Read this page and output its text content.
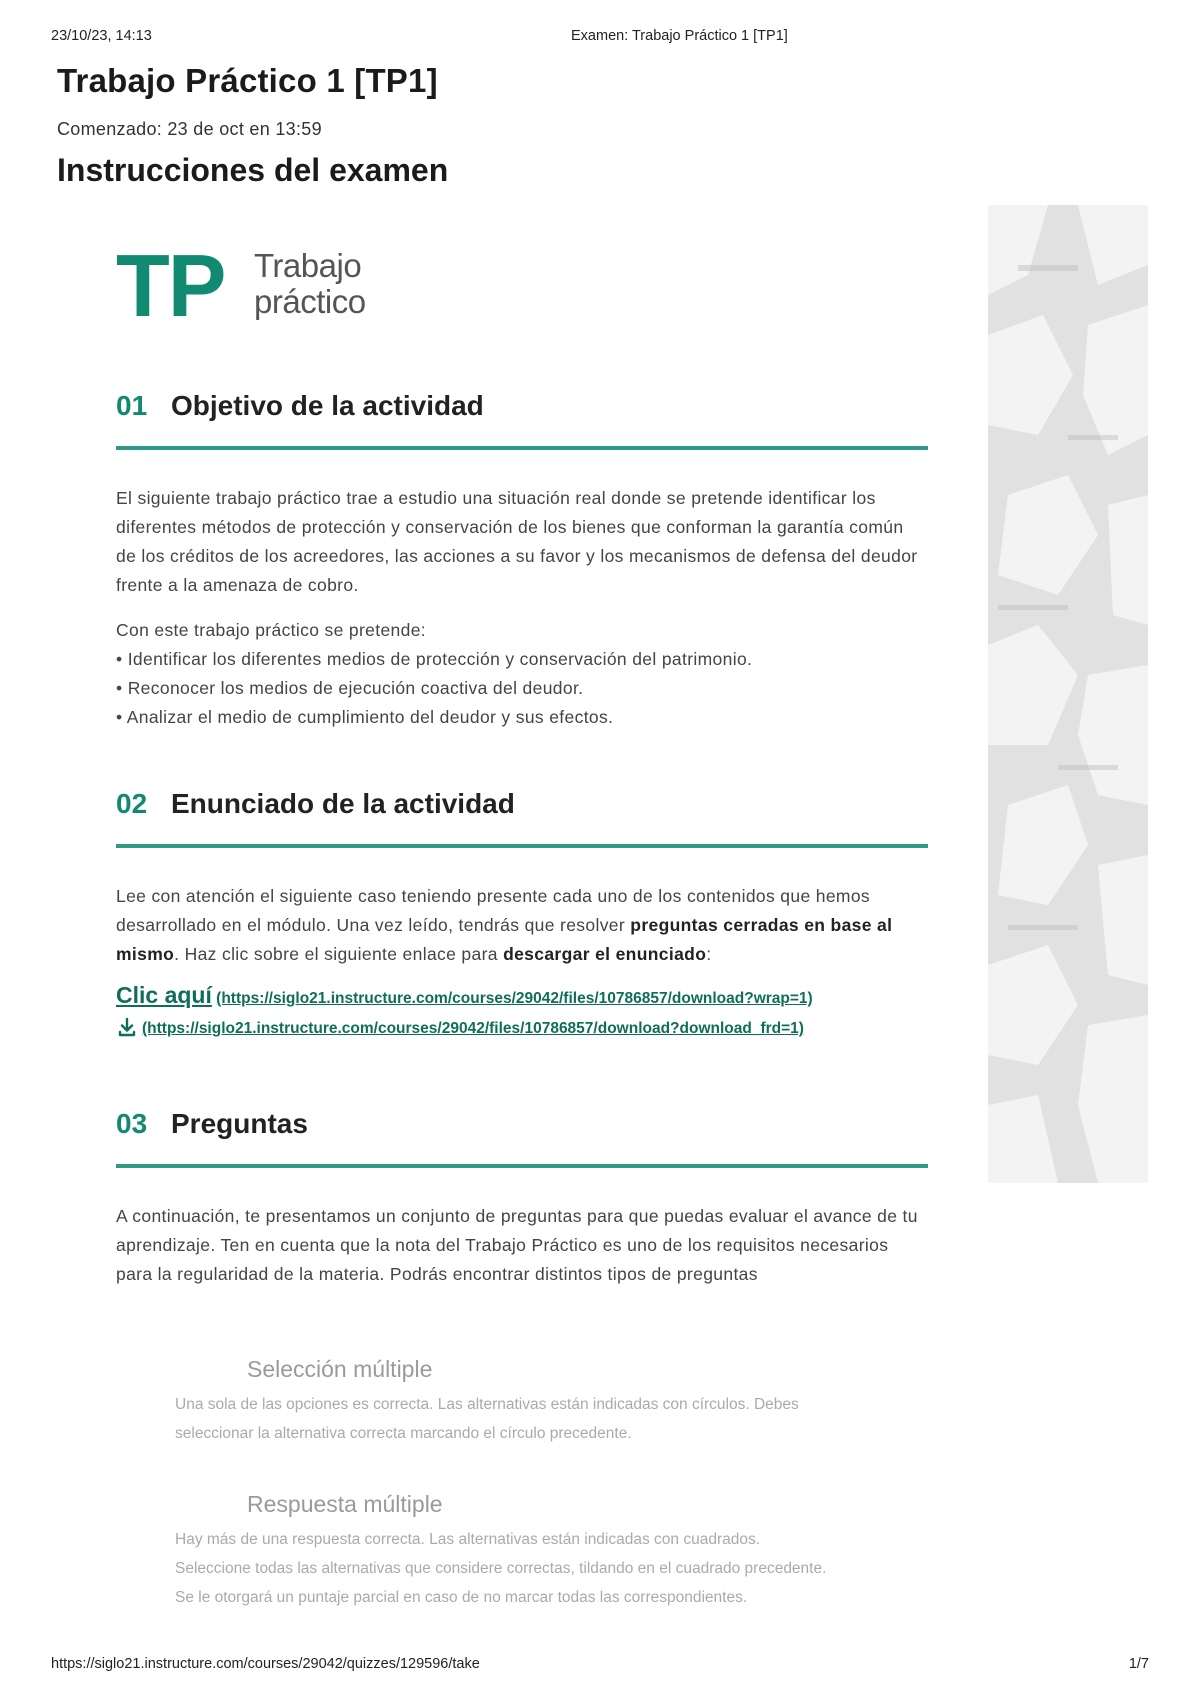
23/10/23, 14:13	Examen: Trabajo Práctico 1 [TP1]
Trabajo Práctico 1 [TP1]
Comenzado: 23 de oct en 13:59
Instrucciones del examen
TP Trabajo
práctico
01 Objetivo de la actividad

El siguiente trabajo práctico trae a estudio una situación real donde se pretende identificar los diferentes métodos de protección y conservación de los bienes que conforman la garantía común de los créditos de los acreedores, las acciones a su favor y los mecanismos de defensa del deudor frente a la amenaza de cobro.

Con este trabajo práctico se pretende:
• Identificar los diferentes medios de protección y conservación del patrimonio.
• Reconocer los medios de ejecución coactiva del deudor.
• Analizar el medio de cumplimiento del deudor y sus efectos.
02 Enunciado de la actividad

Lee con atención el siguiente caso teniendo presente cada uno de los contenidos que hemos desarrollado en el módulo. Una vez leído, tendrás que resolver preguntas cerradas en base al mismo. Haz clic sobre el siguiente enlace para descargar el enunciado:

Clic aquí (https://siglo21.instructure.com/courses/29042/files/10786857/download?wrap=1)
(https://siglo21.instructure.com/courses/29042/files/10786857/download?download_frd=1)
03 Preguntas

A continuación, te presentamos un conjunto de preguntas para que puedas evaluar el avance de tu aprendizaje. Ten en cuenta que la nota del Trabajo Práctico es uno de los requisitos necesarios para la regularidad de la materia. Podrás encontrar distintos tipos de preguntas

Selección múltiple
Una sola de las opciones es correcta. Las alternativas están indicadas con círculos. Debes
seleccionar la alternativa correcta marcando el círculo precedente.
Respuesta múltiple
Hay más de una respuesta correcta. Las alternativas están indicadas con cuadrados.
Seleccione todas las alternativas que considere correctas, tildando en el cuadrado precedente.
Se le otorgará un puntaje parcial en caso de no marcar todas las correspondientes.
https://siglo21.instructure.com/courses/29042/quizzes/129596/take	1/7
